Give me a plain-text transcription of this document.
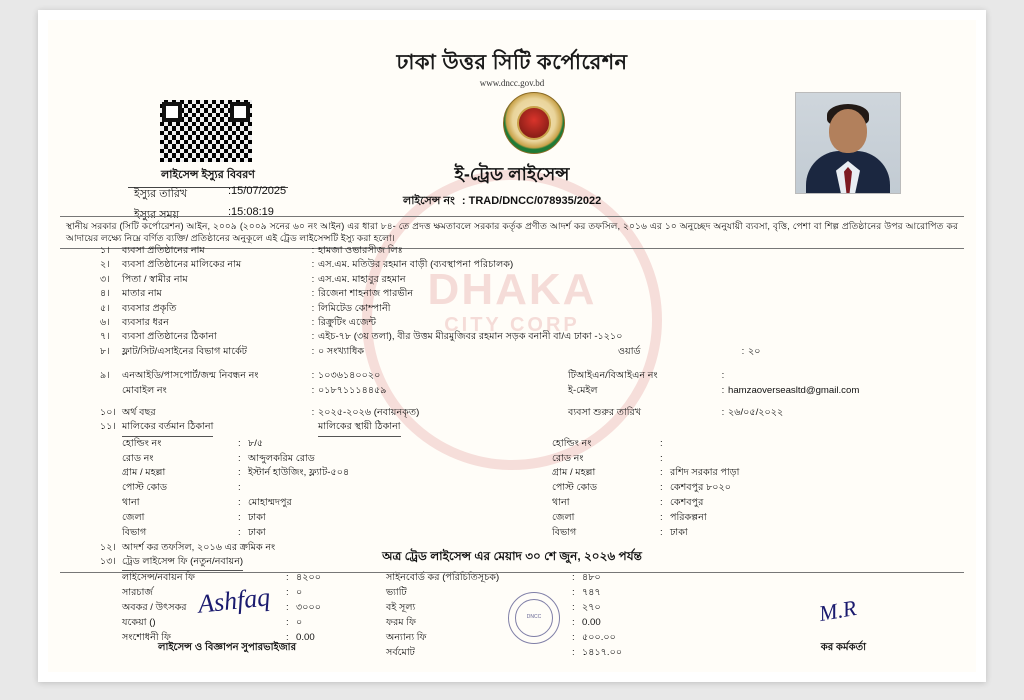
DHAKA
CITY CORP
ঢাকা উত্তর সিটি কর্পোরেশন
www.dncc.gov.bd
ই-ট্রেড লাইসেন্স
লাইসেন্স নং : TRAD/DNCC/078935/2022
লাইসেন্স ইস্যুর বিবরণ
ইস্যুর তারিখ	:15/07/2025
ইস্যুর সময়	:15:08:19
স্থানীয় সরকার (সিটি কর্পোরেশন) আইন, ২০০৯ (২০০৯ সনের ৬০ নং আইন) এর ধারা ৮৪- তে প্রদত্ত ক্ষমতাবলে সরকার কর্তৃক প্রণীত আদর্শ কর তফসিল, ২০১৬ এর ১০ অনুচ্ছেদ অনুযায়ী ব্যবসা, বৃত্তি, পেশা বা শিল্প প্রতিষ্ঠানের উপর আরোপিত কর আদায়ের লক্ষ্যে নিম্নে বর্ণিত ব্যক্তি/ প্রতিষ্ঠানের অনুকূলে এই ট্রেড লাইসেন্সটি ইস্যু করা হলো।
১।	ব্যবসা প্রতিষ্ঠানের নাম	: হামজা ওভারসীজ লিঃ
২।	ব্যবসা প্রতিষ্ঠানের মালিকের নাম	: এস.এম. মতিউর রহমান বাড়ী (ব্যবস্থাপনা পরিচালক)
৩।	পিতা / স্বামীর নাম	: এস.এম. মাহাবুর রহমান
৪।	মাতার নাম	: রিজেনা শাহনাজ পারভীন
৫।	ব্যবসার প্রকৃতি	: লিমিটেড কোম্পানী
৬।	ব্যবসার ধরন	: রিক্রুটিং এজেন্ট
৭।	ব্যবসা প্রতিষ্ঠানের ঠিকানা	: এইচ-৭৮ (৩য় তলা), বীর উত্তম মীরমুজিবর রহমান সড়ক বনানী বা/এ ঢাকা -১২১০
৮।	ফ্লাট/সিট/এসাইনের বিভাগ মার্কেট	: ০ সংখ্যাধিক	ওয়ার্ড	: ২০
৯।	এনআইডি/পাসপোর্ট/জন্ম নিবন্ধন নং	: ১০৩৬১৪০০২০	টিআইএন/বিআইএন নং	:
মোবাইল নং	: ০১৮৭১১১৪৪৫৯	ই-মেইল	: hamzaoverseasltd@gmail.com
১০। অর্থ বছর	: ২০২৫-২০২৬ (নবায়নকৃত)	ব্যবসা শুরুর তারিখ	: ২৬/০৫/২০২২
১১। মালিকের বর্তমান ঠিকানা	মালিকের স্থায়ী ঠিকানা
হোল্ডিং নং	: ৮/৫
রোড নং	: আব্দুলকরিম রোড
গ্রাম / মহল্লা	: ইস্টার্ন হাউজিং, ফ্ল্যাট-৫০৪
পোস্ট কোড	:
থানা	: মোহাম্মদপুর
জেলা	: ঢাকা
বিভাগ	: ঢাকা
হোল্ডিং নং	:
রোড নং	:
গ্রাম / মহল্লা	: রশিদ সরকার পাড়া
পোস্ট কোড	: কেশবপুর ৮০২০
থানা	: কেশবপুর
জেলা	: পরিকল্পনা
বিভাগ	: ঢাকা
১২। আদর্শ কর তফসিল, ২০১৬ এর ক্রমিক নং
১৩। ট্রেড লাইসেন্স ফি (নতুন/নবায়ন)
লাইসেন্স/নবায়ন ফি	: ৪২০০	সাইনবোর্ড কর (পরিচিতিসূচক)	: ৪৮০
সারচার্জ	: ০	ভ্যাটি	: ৭৪৭
অবকর / উৎসকর	: ৩০০০	বই সূল্য	: ২৭০
যকেয়া ()	: ০	ফরম ফি	: 0.00
সংশোধনী ফি	: 0.00	অন্যান্য ফি	: ৫০০.০০
সর্বমোট	: ১৪১৭.০০
অত্র ট্রেড লাইসেন্স এর মেয়াদ ৩০ শে জুন, ২০২৬ পর্যন্ত
Ashfaq	DNCC	M.R
লাইসেন্স ও বিজ্ঞাপন সুপারভাইজার	কর কর্মকর্তা
